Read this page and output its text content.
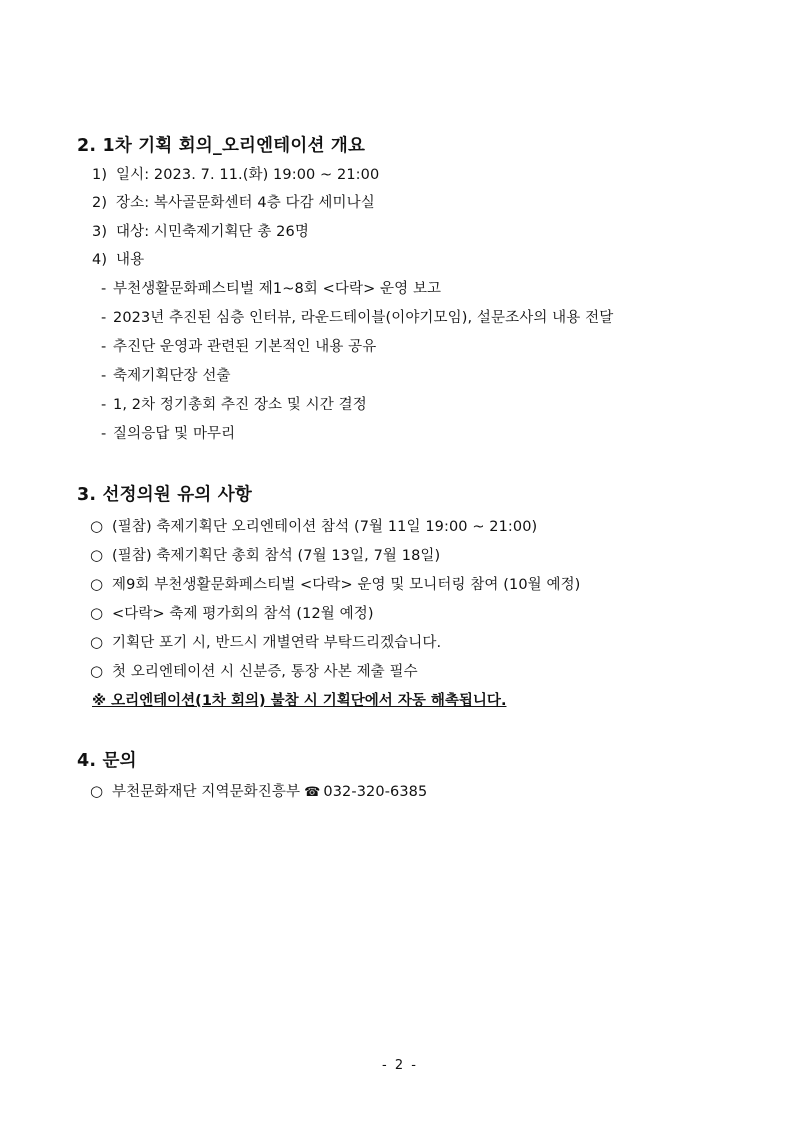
2. 1차 기획 회의_오리엔테이션 개요
1) 일시: 2023. 7. 11.(화) 19:00 ~ 21:00
2) 장소: 복사골문화센터 4층 다감 세미나실
3) 대상: 시민축제기획단 총 26명
4) 내용
- 부천생활문화페스티벌 제1~8회 <다락> 운영 보고
- 2023년 추진된 심층 인터뷰, 라운드테이블(이야기모임), 설문조사의 내용 전달
- 추진단 운영과 관련된 기본적인 내용 공유
- 축제기획단장 선출
- 1, 2차 정기총회 추진 장소 및 시간 결정
- 질의응답 및 마무리
3. 선정의원 유의 사항
○ (필참) 축제기획단 오리엔테이션 참석 (7월 11일 19:00 ~ 21:00)
○ (필참) 축제기획단 총회 참석 (7월 13일, 7월 18일)
○ 제9회 부천생활문화페스티벌 <다락> 운영 및 모니터링 참여 (10월 예정)
○ <다락> 축제 평가회의 참석 (12월 예정)
○ 기획단 포기 시, 반드시 개별연락 부탁드리겠습니다.
○ 첫 오리엔테이션 시 신분증, 통장 사본 제출 필수
※ 오리엔테이션(1차 회의) 불참 시 기획단에서 자동 해촉됩니다.
4. 문의
○ 부천문화재단 지역문화진흥부 ☎ 032-320-6385
- 2 -
